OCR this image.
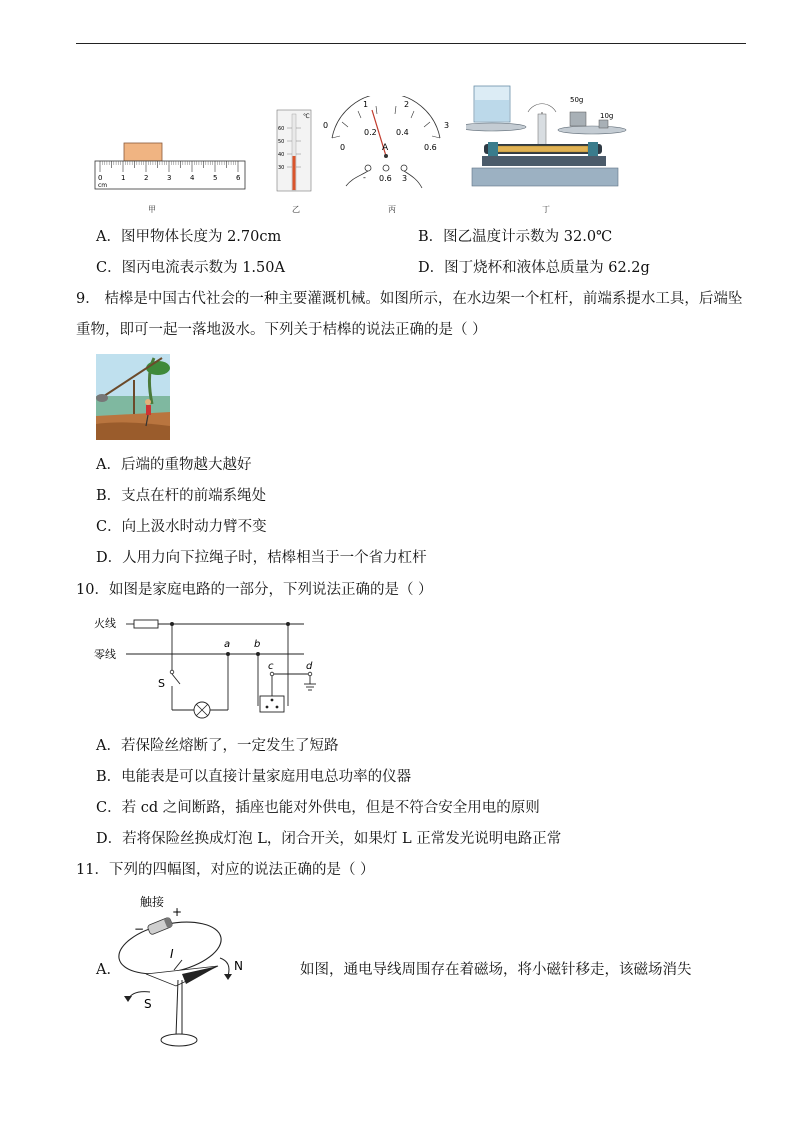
0	1	2	3	4	5	6
cm
甲
℃
60
50
40
30
乙
0
1	2
3
0
0.2 0.4
0.6
A
- 0.6 3
丙
50g
10g
丁
A．图甲物体长度为 2.70cm	B．图乙温度计示数为 32.0℃
C．图丙电流表示数为 1.50A	D．图丁烧杯和液体总质量为 62.2g
9． 桔槔是中国古代社会的一种主要灌溉机械。如图所示，在水边架一个杠杆，前端系提水工具，后端坠
重物，即可一起一落地汲水。下列关于桔槔的说法正确的是（ ）
A．后端的重物越大越好
B．支点在杆的前端系绳处
C．向上汲水时动力臂不变
D．人用力向下拉绳子时，桔槔相当于一个省力杠杆
10．如图是家庭电路的一部分，下列说法正确的是（ ）
火线
零线
S
a b
c	d
A．若保险丝熔断了，一定发生了短路
B．电能表是可以直接计量家庭用电总功率的仪器
C．若 cd 之间断路，插座也能对外供电，但是不符合安全用电的原则
D．若将保险丝换成灯泡 L，闭合开关，如果灯 L 正常发光说明电路正常
11．下列的四幅图，对应的说法正确的是（ ）
触接
+
−
I
N
S
A．	如图，通电导线周围存在着磁场，将小磁针移走，该磁场消失
